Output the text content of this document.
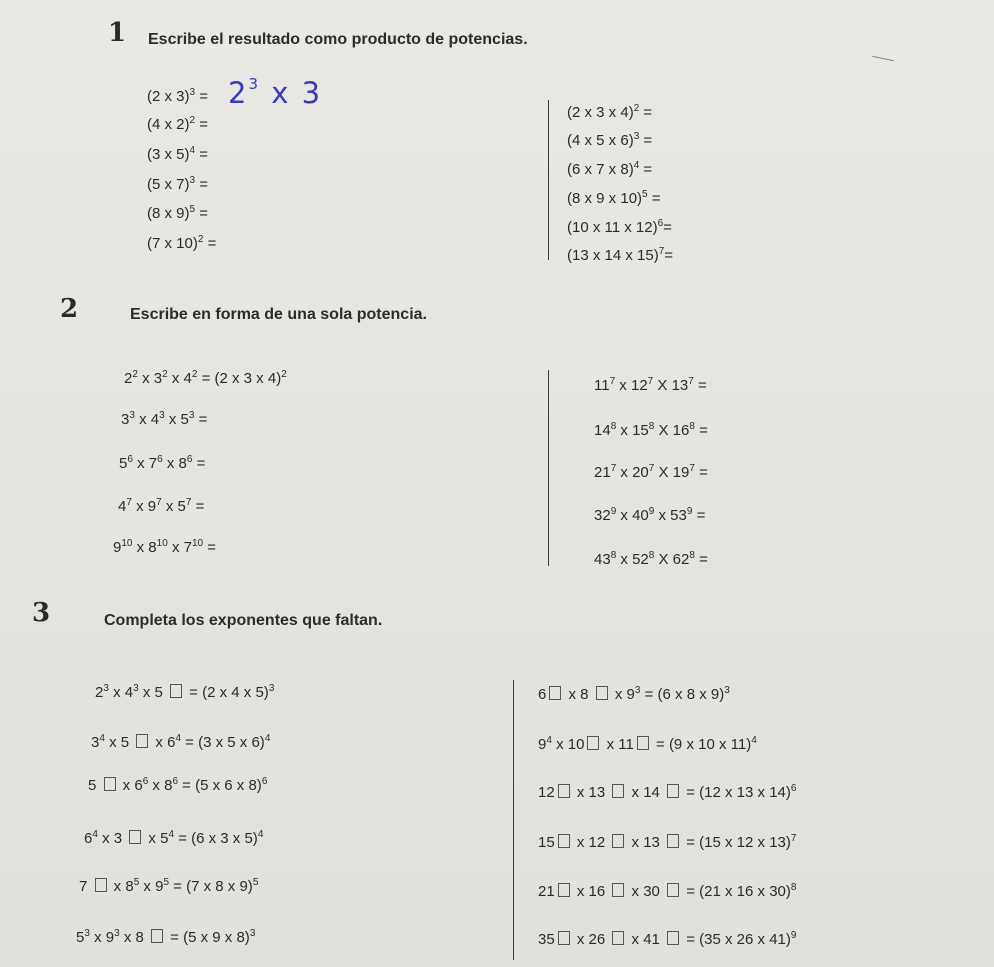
1 Escribe el resultado como producto de potencias.
(2 x $3)^3 = 2^3$ x 3
(4 x 2)$^2$ =
(3 x 5)$^4$ =
(5 x 7)$^3$ =
(8 x 9)$^5$ =
(7 x 10)$^2$ =
(2 x 3 x 4)$^2$ =
(4 x 5 x 6)$^3$ =
(6 x 7 x 8)$^4$ =
(8 x 9 x 10)$^5$ =
(10 x 11 x 12)$^6$=
(13 x 14 x 15)$^7$=
2	Escribe en forma de una sola potencia.
$2^2$ x $3^2$ x $4^2 = (2$ x 3 x 4)$^2$
$3^3$ x $4^3$ x $5^3$ =
$5^6$ x $7^6$ x $8^6$ =
$4^7$ x $9^7$ x $5^7$ =
$9^{10}$ x $8^{10}$ x $7^{10}$ =
$11^7$ x $12^7$ X $13^7$ =
$14^8$ x $15^8$ X $16^8$ =
$21^7$ x $20^7$ X $19^7$ =
$32^9$ x $40^9$ x $53^9$ =
$43^8$ x $52^8$ X $62^8$ =
3	Completa los exponentes que faltan.
$2^3$ x $4^3$ x 5  = (2 x 4 x 5)$^3$
$3^4$ x 5  x $6^4 = (3$ x 5 x 6)$^4$
5  x $6^6$ x $8^6 = (5$ x 6 x 8)$^6$
$6^4$ x 3  x $5^4 = (6$ x 3 x 5)$^4$
7  x $8^5$ x $9^5 = (7$ x 8 x 9)$^5$
$5^3$ x $9^3$ x 8  = (5 x 9 x 8)$^3$
6 x 8  x $9^3 = (6$ x 8 x 9)$^3$
$9^4$ x 10 x 11 = (9 x 10 x 11)$^4$
12 x 13  x 14  = (12 x 13 x 14)$^6$
15 x 12  x 13  = (15 x 12 x 13)$^7$
21 x 16  x 30  = (21 x 16 x 30)$^8$
35 x 26  x 41  = (35 x 26 x 41)$^9$
